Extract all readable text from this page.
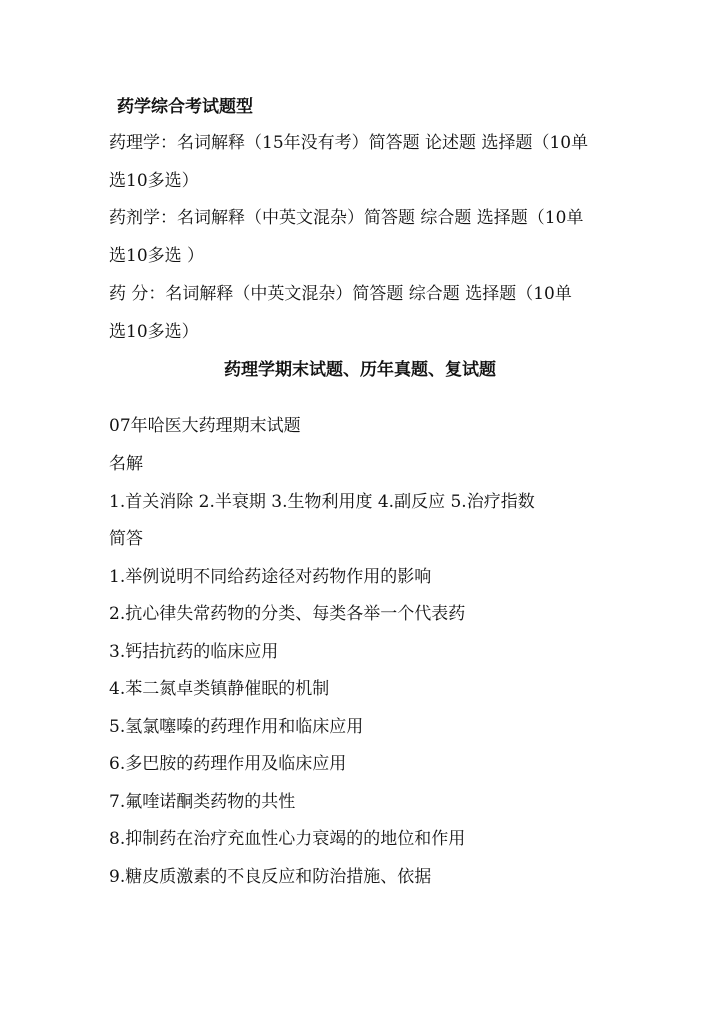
药学综合考试题型
药理学：名词解释（15年没有考）简答题 论述题 选择题（10单
选10多选）
药剂学：名词解释（中英文混杂）简答题 综合题 选择题（10单
选10多选 ）
药 分：名词解释（中英文混杂）简答题 综合题 选择题（10单
选10多选）
药理学期末试题、历年真题、复试题
07年哈医大药理期末试题
名解
1.首关消除 2.半衰期 3.生物利用度 4.副反应 5.治疗指数
简答
1.举例说明不同给药途径对药物作用的影响
2.抗心律失常药物的分类、每类各举一个代表药
3.钙拮抗药的临床应用
4.苯二氮卓类镇静催眠的机制
5.氢氯噻嗪的药理作用和临床应用
6.多巴胺的药理作用及临床应用
7.氟喹诺酮类药物的共性
8.抑制药在治疗充血性心力衰竭的的地位和作用
9.糖皮质激素的不良反应和防治措施、依据
